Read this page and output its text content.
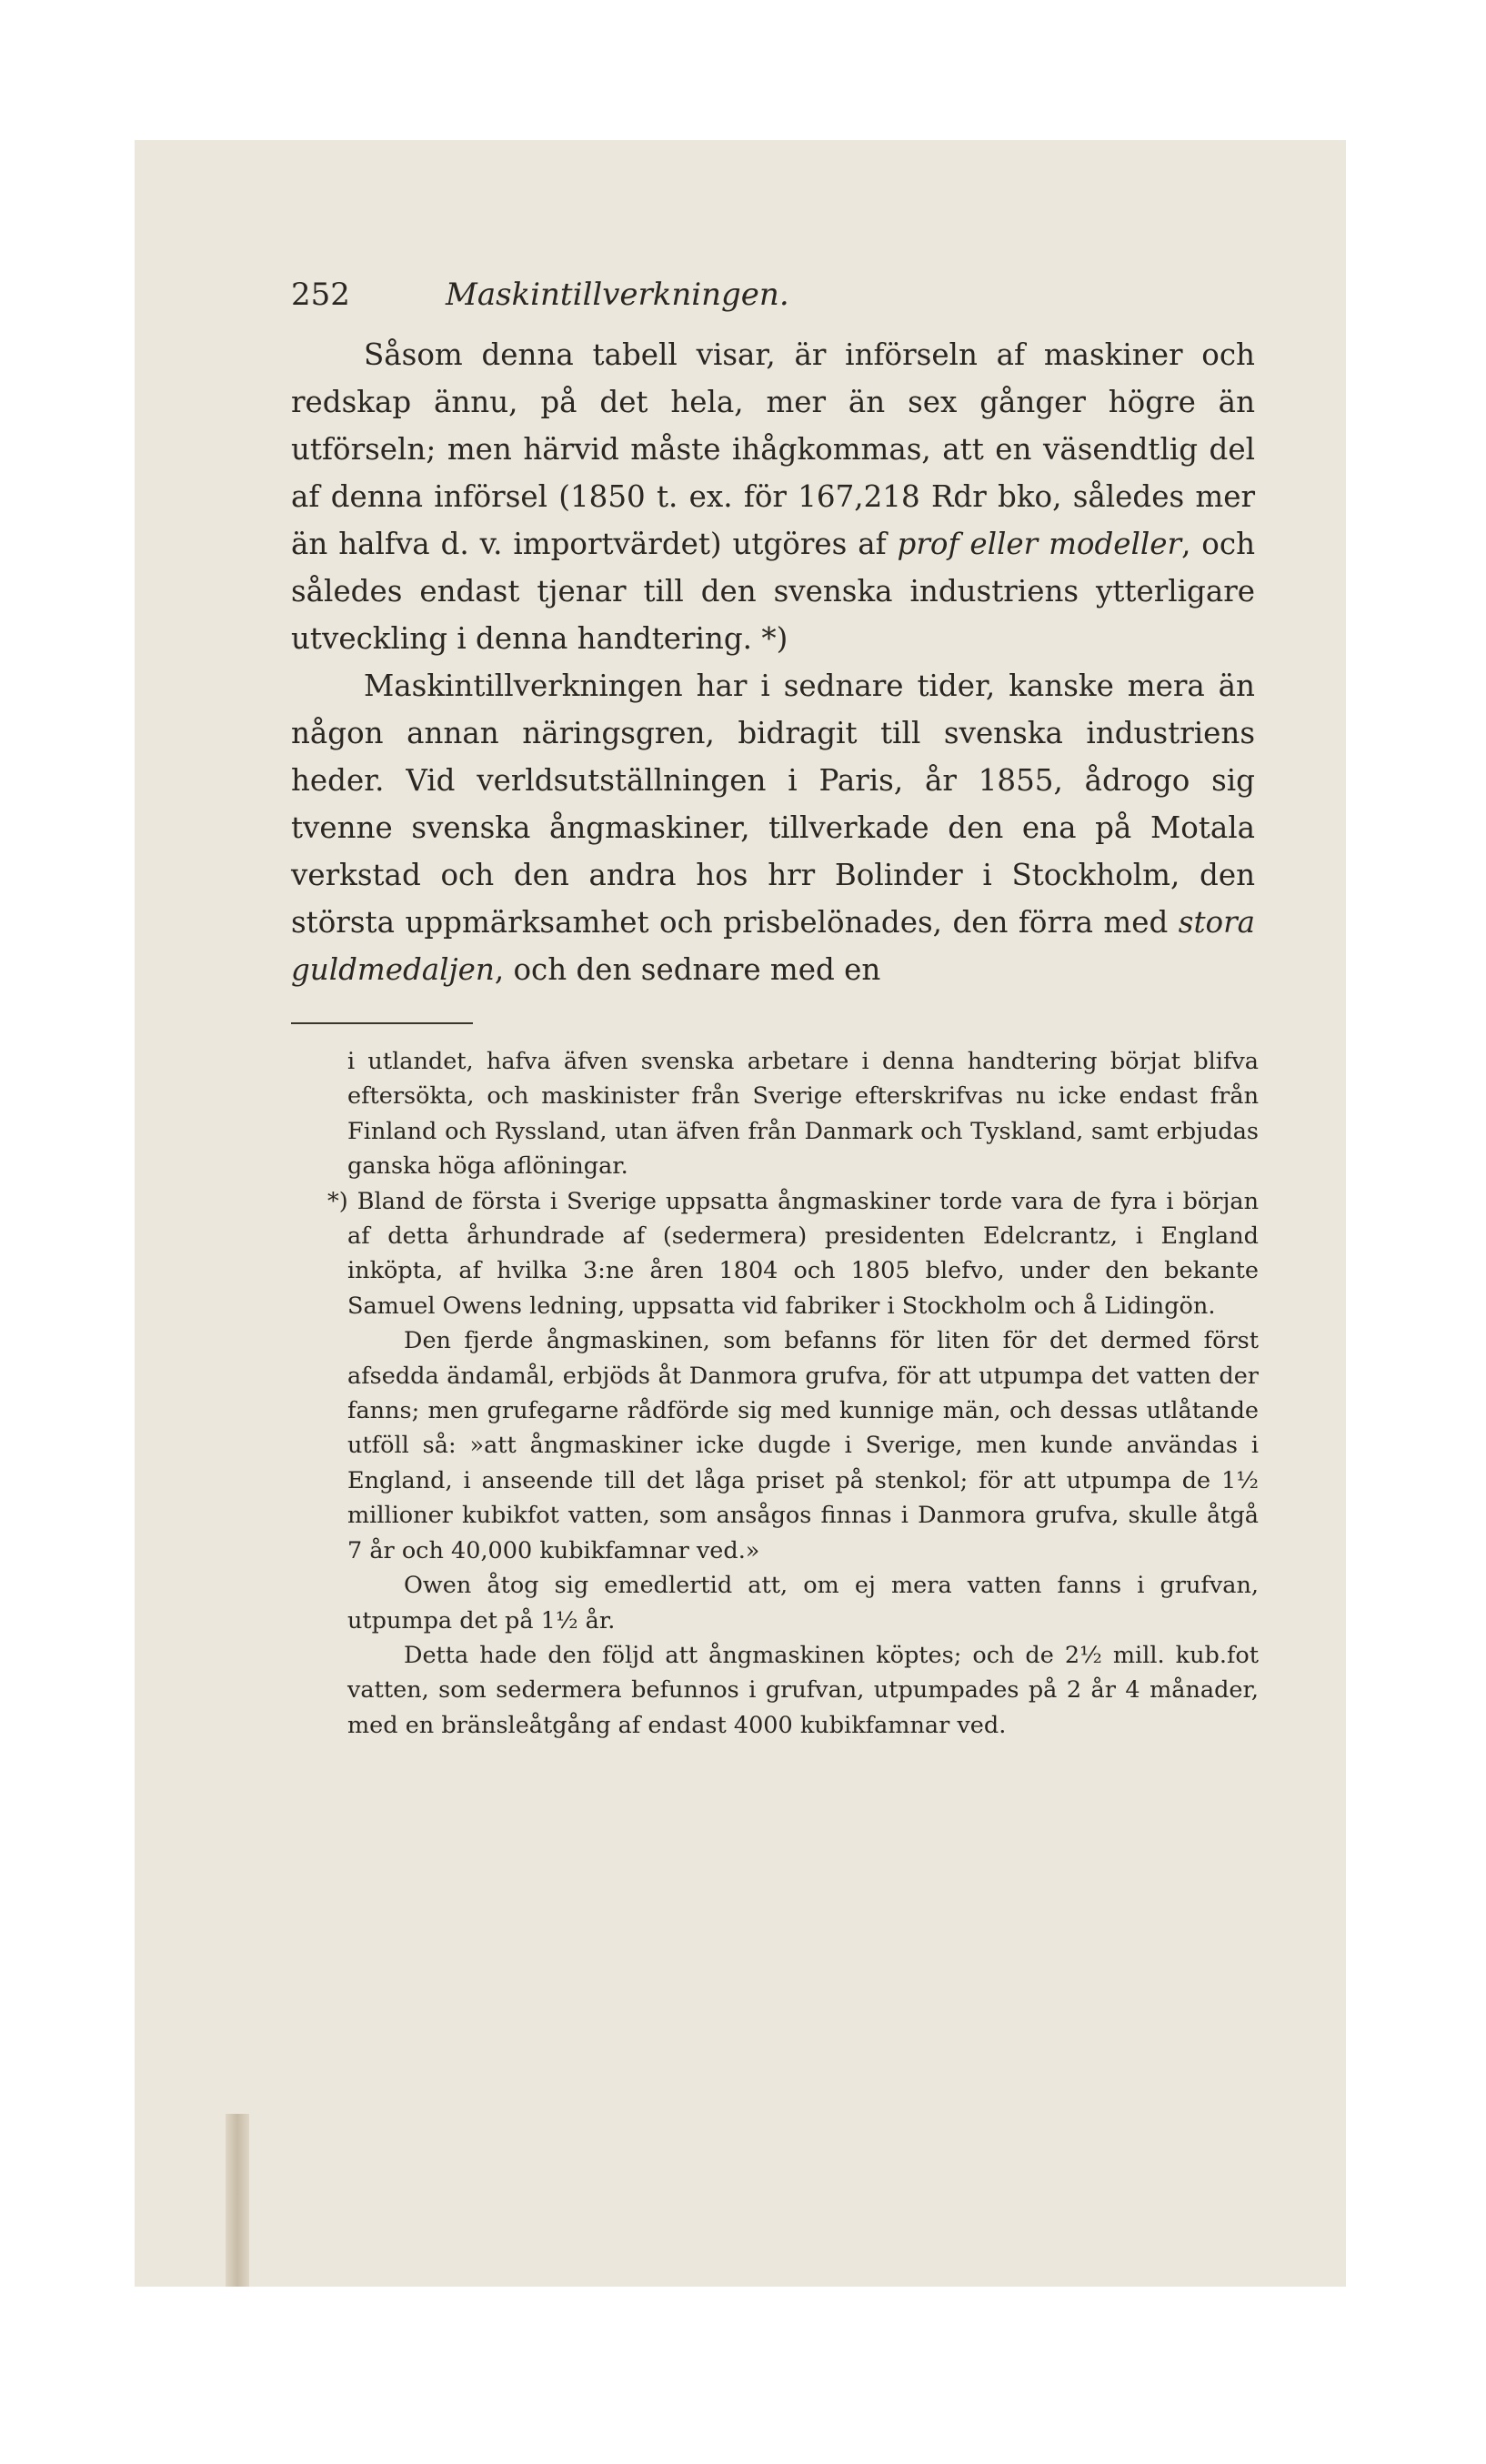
252	Maskintillverkningen.

Såsom denna tabell visar, är införseln af maskiner och redskap ännu, på det hela, mer än sex gånger högre än utförseln; men härvid måste ihågkommas, att en väsendtlig del af denna införsel (1850 t. ex. för 167,218 Rdr bko, således mer än halfva d. v. importvärdet) utgöres af prof eller modeller, och således endast tjenar till den svenska industriens ytterligare utveckling i denna handtering. *)

Maskintillverkningen har i sednare tider, kanske mera än någon annan näringsgren, bidragit till svenska industriens heder. Vid verldsutställningen i Paris, år 1855, ådrogo sig tvenne svenska ångmaskiner, tillverkade den ena på Motala verkstad och den andra hos hrr Bolinder i Stockholm, den största uppmärksamhet och prisbelönades, den förra med stora guldmedaljen, och den sednare med en

i utlandet, hafva äfven svenska arbetare i denna handtering börjat blifva eftersökta, och maskinister från Sverige efterskrifvas nu icke endast från Finland och Ryssland, utan äfven från Danmark och Tyskland, samt erbjudas ganska höga aflöningar.

*) Bland de första i Sverige uppsatta ångmaskiner torde vara de fyra i början af detta århundrade af (sedermera) presidenten Edelcrantz, i England inköpta, af hvilka 3:ne åren 1804 och 1805 blefvo, under den bekante Samuel Owens ledning, uppsatta vid fabriker i Stockholm och å Lidingön.

Den fjerde ångmaskinen, som befanns för liten för det dermed först afsedda ändamål, erbjöds åt Danmora grufva, för att utpumpa det vatten der fanns; men grufegarne rådförde sig med kunnige män, och dessas utlåtande utföll så: »att ångmaskiner icke dugde i Sverige, men kunde användas i England, i anseende till det låga priset på stenkol; för att utpumpa de 1½ millioner kubikfot vatten, som ansågos finnas i Danmora grufva, skulle åtgå 7 år och 40,000 kubikfamnar ved.»

Owen åtog sig emedlertid att, om ej mera vatten fanns i grufvan, utpumpa det på 1½ år.

Detta hade den följd att ångmaskinen köptes; och de 2½ mill. kub.fot vatten, som sedermera befunnos i grufvan, utpumpades på 2 år 4 månader, med en bränsleåtgång af endast 4000 kubikfamnar ved.
